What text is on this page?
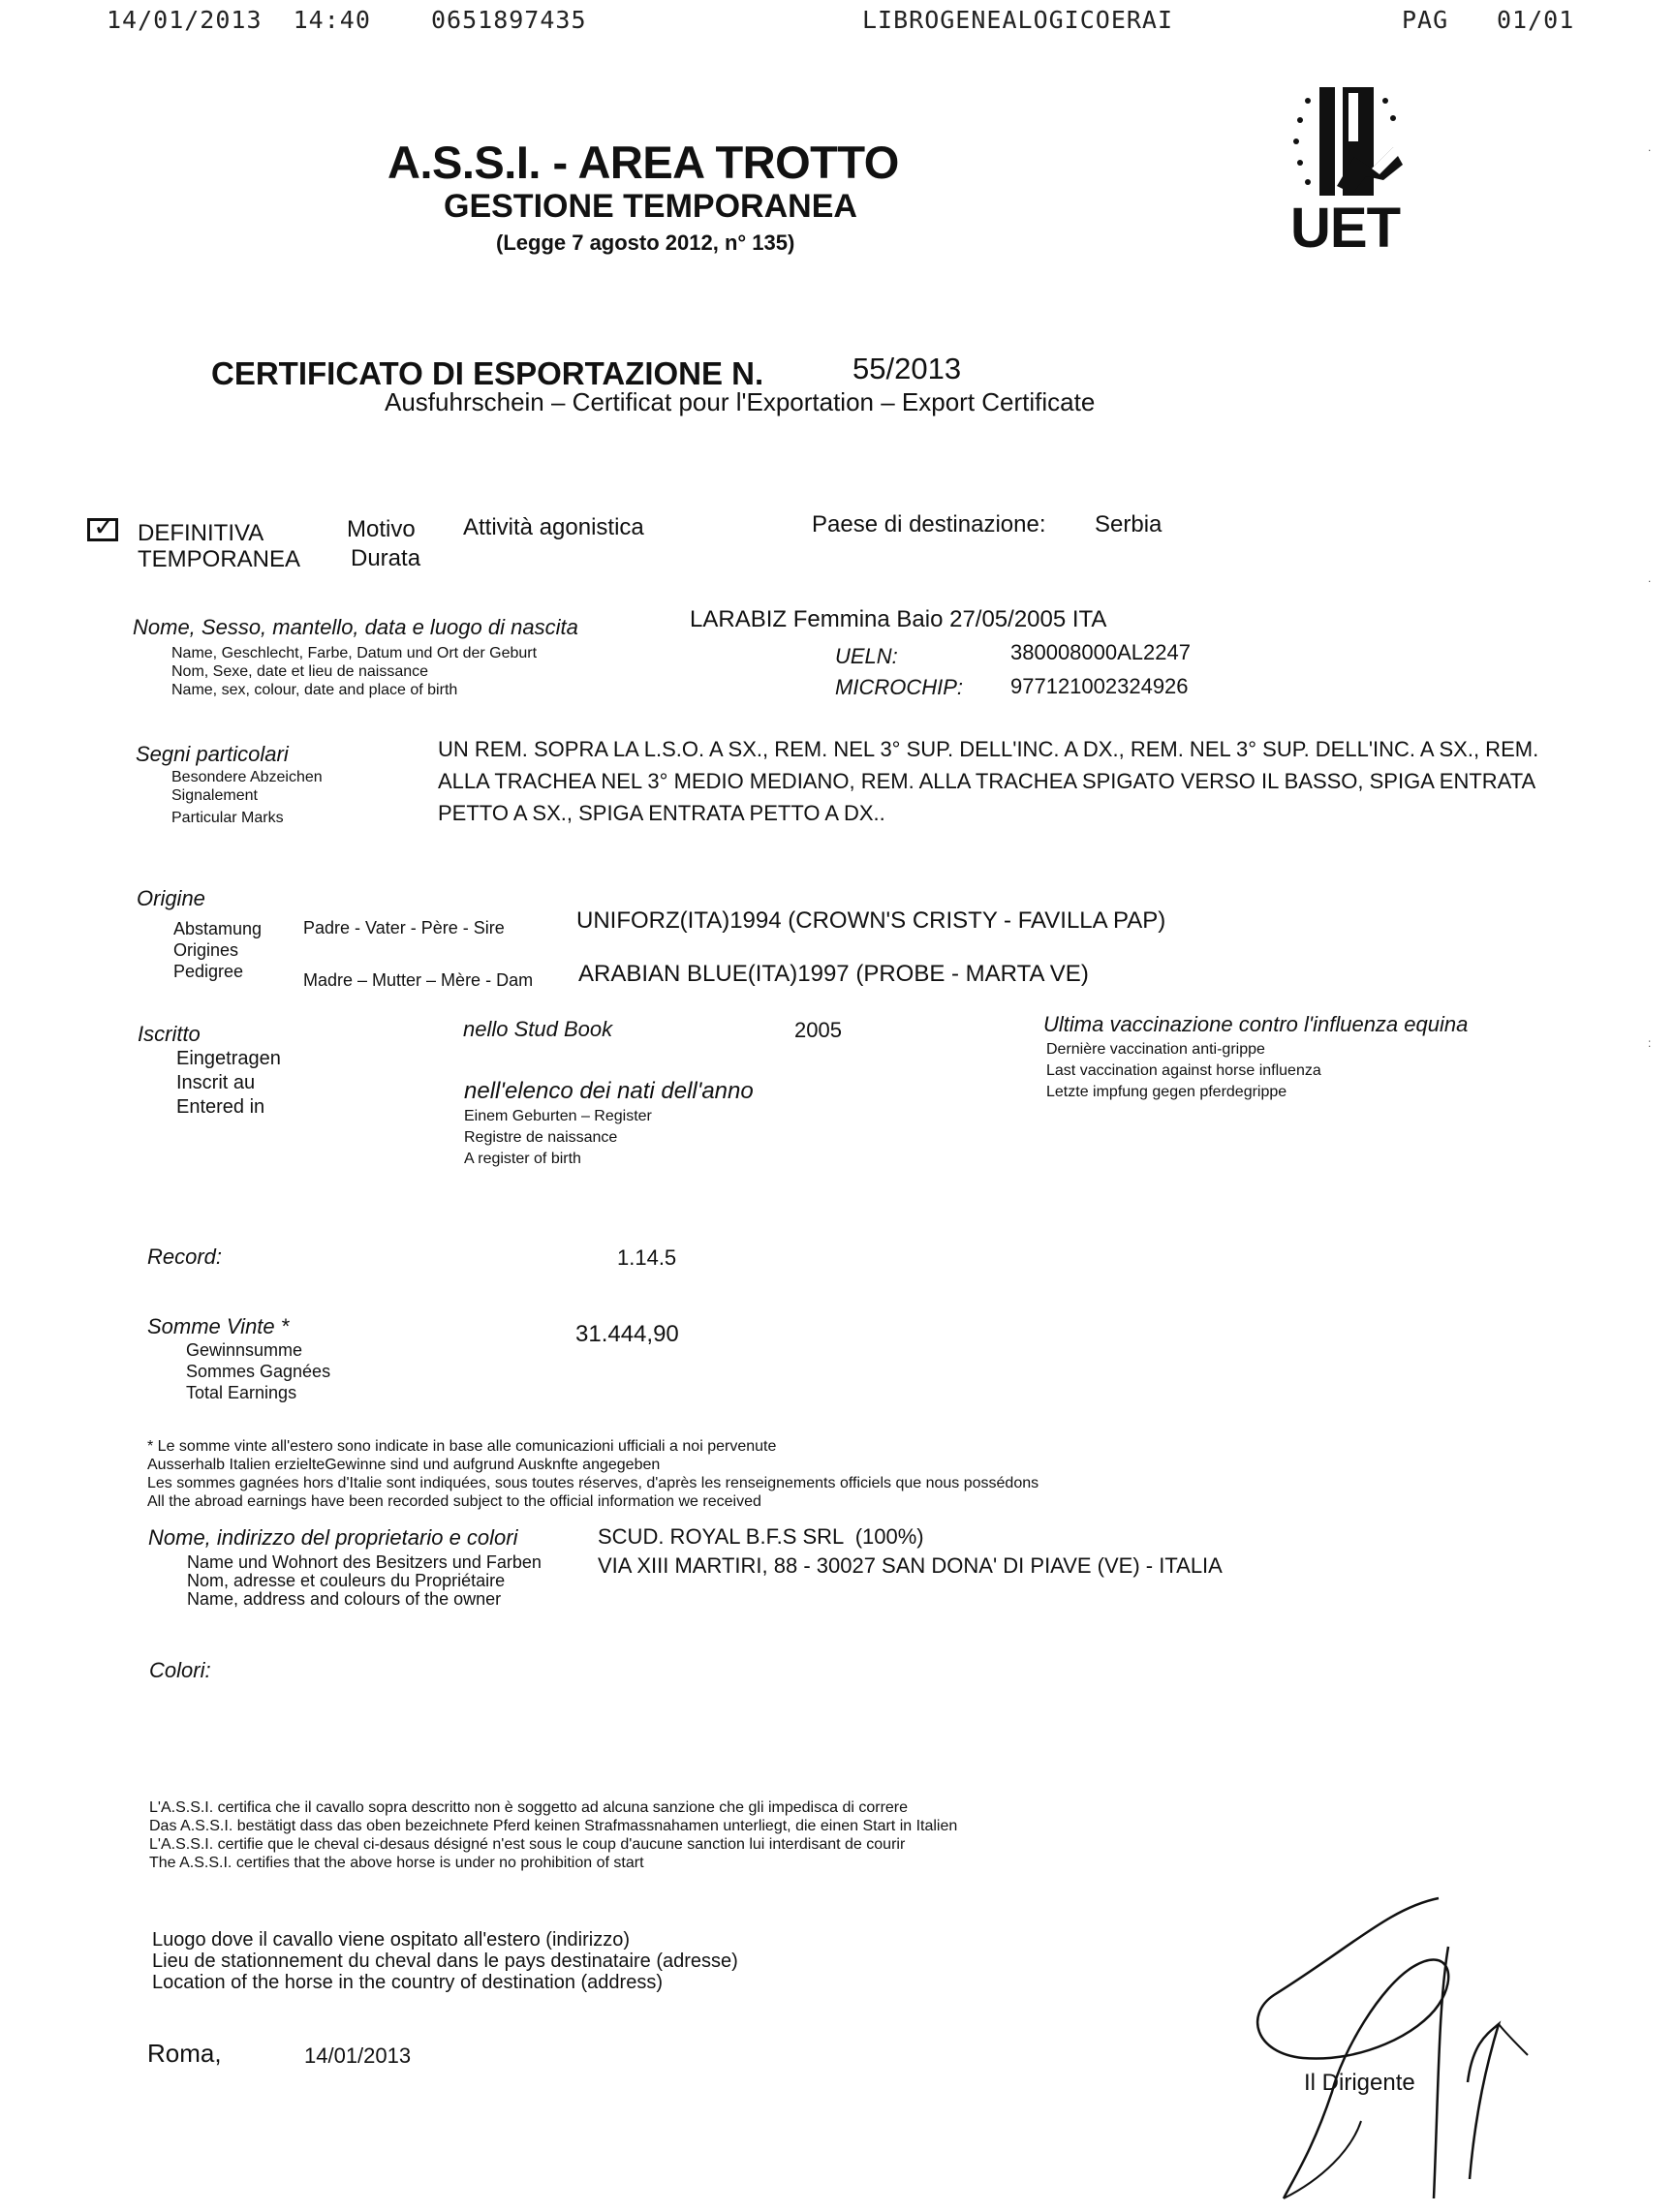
14/01/2013  14:40 0651897435	LIBROGENEALOGICOERAI	PAG 01/01
A.S.S.I. - AREA TROTTO
GESTIONE TEMPORANEA
(Legge 7 agosto 2012, n° 135)	UET
CERTIFICATO DI ESPORTAZIONE N.	55/2013
Ausfuhrschein – Certificat pour l'Exportation – Export Certificate
✓ DEFINITIVA
TEMPORANEA
Motivo
Durata
Attività agonistica	Paese di destinazione: Serbia
Nome, Sesso, mantello, data e luogo di nascita
Name, Geschlecht, Farbe, Datum und Ort der Geburt
Nom, Sexe, date et lieu de naissance
Name, sex, colour, date and place of birth
LARABIZ Femmina Baio 27/05/2005 ITA
UELN:	380008000AL2247
MICROCHIP: 977121002324926
Segni particolari
Besondere Abzeichen
Signalement
Particular Marks
UN REM. SOPRA LA L.S.O. A SX., REM. NEL 3° SUP. DELL'INC. A DX., REM. NEL 3° SUP. DELL'INC. A SX., REM.
ALLA TRACHEA NEL 3° MEDIO MEDIANO, REM. ALLA TRACHEA SPIGATO VERSO IL BASSO, SPIGA ENTRATA
PETTO A SX., SPIGA ENTRATA PETTO A DX..
Origine
Abstamung
Origines
Pedigree
Padre - Vater - Père - Sire	UNIFORZ(ITA)1994 (CROWN'S CRISTY - FAVILLA PAP)
Madre – Mutter – Mère - Dam ARABIAN BLUE(ITA)1997 (PROBE - MARTA VE)
Iscritto
Eingetragen
Inscrit au
Entered in
nello Stud Book	2005
nell'elenco dei nati dell'anno
Einem Geburten – Register
Registre de naissance
A register of birth
Ultima vaccinazione contro l'influenza equina
Dernière vaccination anti-grippe
Last vaccination against horse influenza
Letzte impfung gegen pferdegrippe
Record:	1.14.5
Somme Vinte *
Gewinnsumme
Sommes Gagnées
Total Earnings
31.444,90
* Le somme vinte all'estero sono indicate in base alle comunicazioni ufficiali a noi pervenute
Ausserhalb Italien erzielteGewinne sind und aufgrund Ausknfte angegeben
Les sommes gagnées hors d'Italie sont indiquées, sous toutes réserves, d'après les renseignements officiels que nous possédons
All the abroad earnings have been recorded subject to the official information we received
Nome, indirizzo del proprietario e colori
Name und Wohnort des Besitzers und Farben
Nom, adresse et couleurs du Propriétaire
Name, address and colours of the owner
SCUD. ROYAL B.F.S SRL  (100%)
VIA XIII MARTIRI, 88 - 30027 SAN DONA' DI PIAVE (VE) - ITALIA
Colori:
L'A.S.S.I. certifica che il cavallo sopra descritto non è soggetto ad alcuna sanzione che gli impedisca di correre
Das A.S.S.I. bestätigt dass das oben bezeichnete Pferd keinen Strafmassnahamen unterliegt, die einen Start in Italien
L'A.S.S.I. certifie que le cheval ci-desaus désigné n'est sous le coup d'aucune sanction lui interdisant de courir
The A.S.S.I. certifies that the above horse is under no prohibition of start
Luogo dove il cavallo viene ospitato all'estero (indirizzo)
Lieu de stationnement du cheval dans le pays destinataire (adresse)
Location of the horse in the country of destination (address)
Roma,	14/01/2013
Il Dirigente
.
.
:
